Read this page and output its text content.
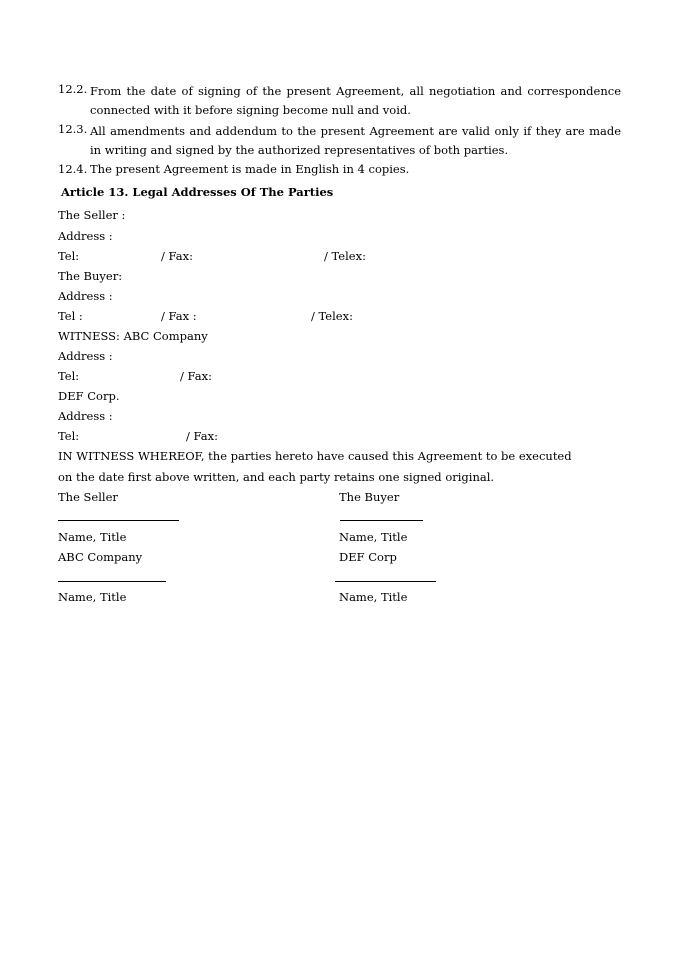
12.2. From the date of signing of the present Agreement, all negotiation and correspondence connected with it before signing become null and void.
12.3. All amendments and addendum to the present Agreement are valid only if they are made in writing and signed by the authorized representatives of both parties.
12.4. The present Agreement is made in English in 4 copies.
Article 13. Legal Addresses Of The Parties
The Seller :
Address :
Tel:	/ Fax:	/ Telex:
The Buyer:
Address :
Tel :	/ Fax :	/ Telex:
WITNESS: ABC Company
Address :
Tel:	/ Fax:
DEF Corp.
Address :
Tel:	/ Fax:
IN WITNESS WHEREOF, the parties hereto have caused this Agreement to be executed
on the date first above written, and each party retains one signed original.
The Seller	The Buyer
Name, Title	Name, Title
ABC Company	DEF Corp
Name, Title	Name, Title
